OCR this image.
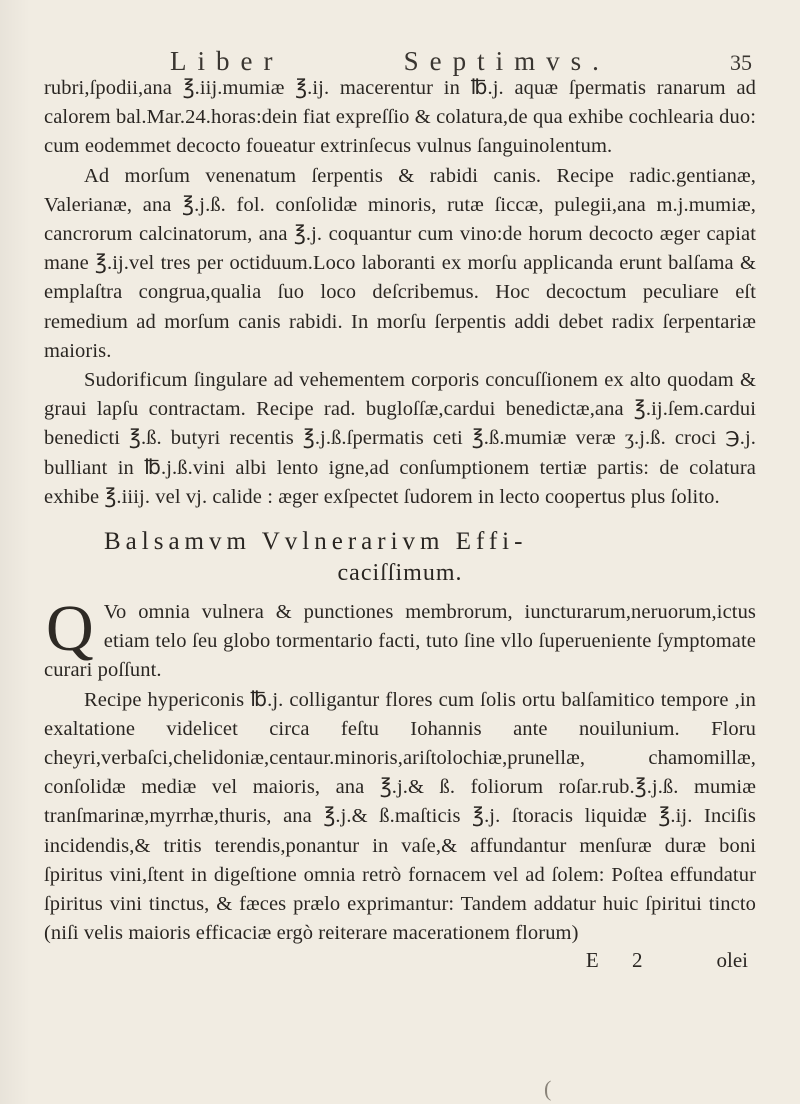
Liber	Septimvs.	35

rubri,ſpodii,ana ℥.iij.mumiæ ℥.ij. macerentur in ℔.j. aquæ ſpermatis ranarum ad calorem bal.Mar.24.horas:dein fiat expreſſio & colatura,de qua exhibe cochlearia duo: cum eodemmet decocto foueatur extrinſecus vulnus ſanguinolentum.

Ad morſum venenatum ſerpentis & rabidi canis. Recipe radic.gentianæ, Valerianæ, ana ℥.j.ß. fol. conſolidæ minoris, rutæ ſiccæ, pulegii,ana m.j.mumiæ, cancrorum calcinatorum, ana ℥.j. coquantur cum vino:de horum decocto æger capiat mane ℥.ij.vel tres per octiduum.Loco laboranti ex morſu applicanda erunt balſama & emplaſtra congrua,qualia ſuo loco deſcribemus. Hoc decoctum peculiare eſt remedium ad morſum canis rabidi. In morſu ſerpentis addi debet radix ſerpentariæ maioris.

Sudorificum ſingulare ad vehementem corporis concuſſionem ex alto quodam & graui lapſu contractam. Recipe rad. bugloſſæ,cardui benedictæ,ana ℥.ij.ſem.cardui benedicti ℥.ß. butyri recentis ℥.j.ß.ſpermatis ceti ℥.ß.mumiæ veræ ʒ.j.ß. croci ℈.j. bulliant in ℔.j.ß.vini albi lento igne,ad conſumptionem tertiæ partis: de colatura exhibe ℥.iiij. vel vj. calide : æger exſpectet ſudorem in lecto coopertus plus ſolito.

Balsamvm Vvlnerarivm Effi-
caciſſimum.

Q Vo omnia vulnera & punctiones membrorum, iuncturarum,neruorum,ictus etiam telo ſeu globo tormentario facti, tuto ſine vllo ſuperueniente ſymptomate curari poſſunt.

Recipe hypericonis ℔.j. colligantur flores cum ſolis ortu balſamitico tempore ,in exaltatione videlicet circa feſtu Iohannis ante nouilunium. Floru cheyri,verbaſci,chelidoniæ,centaur.minoris,ariſtolochiæ,prunellæ, chamomillæ, conſolidæ mediæ vel maioris, ana ℥.j.& ß. foliorum roſar.rub.℥.j.ß. mumiæ tranſmarinæ,myrrhæ,thuris, ana ℥.j.& ß.maſticis ℥.j. ſtoracis liquidæ ℥.ij. Inciſis incidendis,& tritis terendis,ponantur in vaſe,& affundantur menſuræ duræ boni ſpiritus vini,ſtent in digeſtione omnia retrò fornacem vel ad ſolem: Poſtea effundatur ſpiritus vini tinctus, & fæces prælo exprimantur: Tandem addatur huic ſpiritui tincto (niſi velis maioris efficaciæ ergò reiterare macerationem florum)

E 2	olei
(
